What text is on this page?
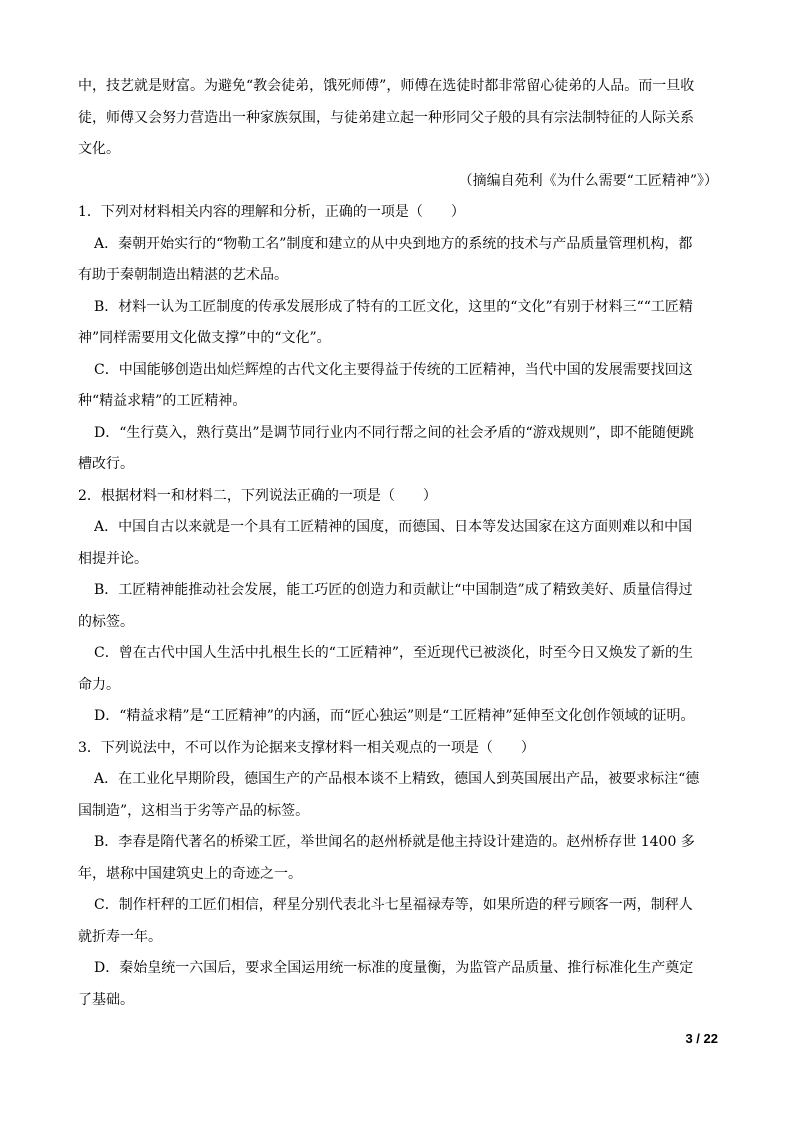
中，技艺就是财富。为避免“教会徒弟，饿死师傅”，师傅在选徒时都非常留心徒弟的人品。而一旦收

徒，师傅又会努力营造出一种家族氛围，与徒弟建立起一种形同父子般的具有宗法制特征的人际关系

文化。

（摘编自苑利《为什么需要“工匠精神”》）

1．下列对材料相关内容的理解和分析，正确的一项是（　　）

A．秦朝开始实行的“物勒工名”制度和建立的从中央到地方的系统的技术与产品质量管理机构，都

有助于秦朝制造出精湛的艺术品。

B．材料一认为工匠制度的传承发展形成了特有的工匠文化，这里的“文化”有别于材料三““工匠精

神”同样需要用文化做支撑”中的“文化”。

C．中国能够创造出灿烂辉煌的古代文化主要得益于传统的工匠精神，当代中国的发展需要找回这

种“精益求精”的工匠精神。

D．“生行莫入，熟行莫出”是调节同行业内不同行帮之间的社会矛盾的“游戏规则”，即不能随便跳

槽改行。

2．根据材料一和材料二，下列说法正确的一项是（　　）

A．中国自古以来就是一个具有工匠精神的国度，而德国、日本等发达国家在这方面则难以和中国

相提并论。

B．工匠精神能推动社会发展，能工巧匠的创造力和贡献让“中国制造”成了精致美好、质量信得过

的标签。

C．曾在古代中国人生活中扎根生长的“工匠精神”，至近现代已被淡化，时至今日又焕发了新的生

命力。

D．“精益求精”是“工匠精神”的内涵，而“匠心独运”则是“工匠精神”延伸至文化创作领域的证明。

3．下列说法中，不可以作为论据来支撑材料一相关观点的一项是（　　）

A．在工业化早期阶段，德国生产的产品根本谈不上精致，德国人到英国展出产品，被要求标注“德

国制造”，这相当于劣等产品的标签。

B．李春是隋代著名的桥梁工匠，举世闻名的赵州桥就是他主持设计建造的。赵州桥存世 1400 多

年，堪称中国建筑史上的奇迹之一。

C．制作杆秤的工匠们相信，秤星分别代表北斗七星福禄寿等，如果所造的秤亏顾客一两，制秤人

就折寿一年。

D．秦始皇统一六国后，要求全国运用统一标准的度量衡，为监管产品质量、推行标准化生产奠定

了基础。

3 / 22
